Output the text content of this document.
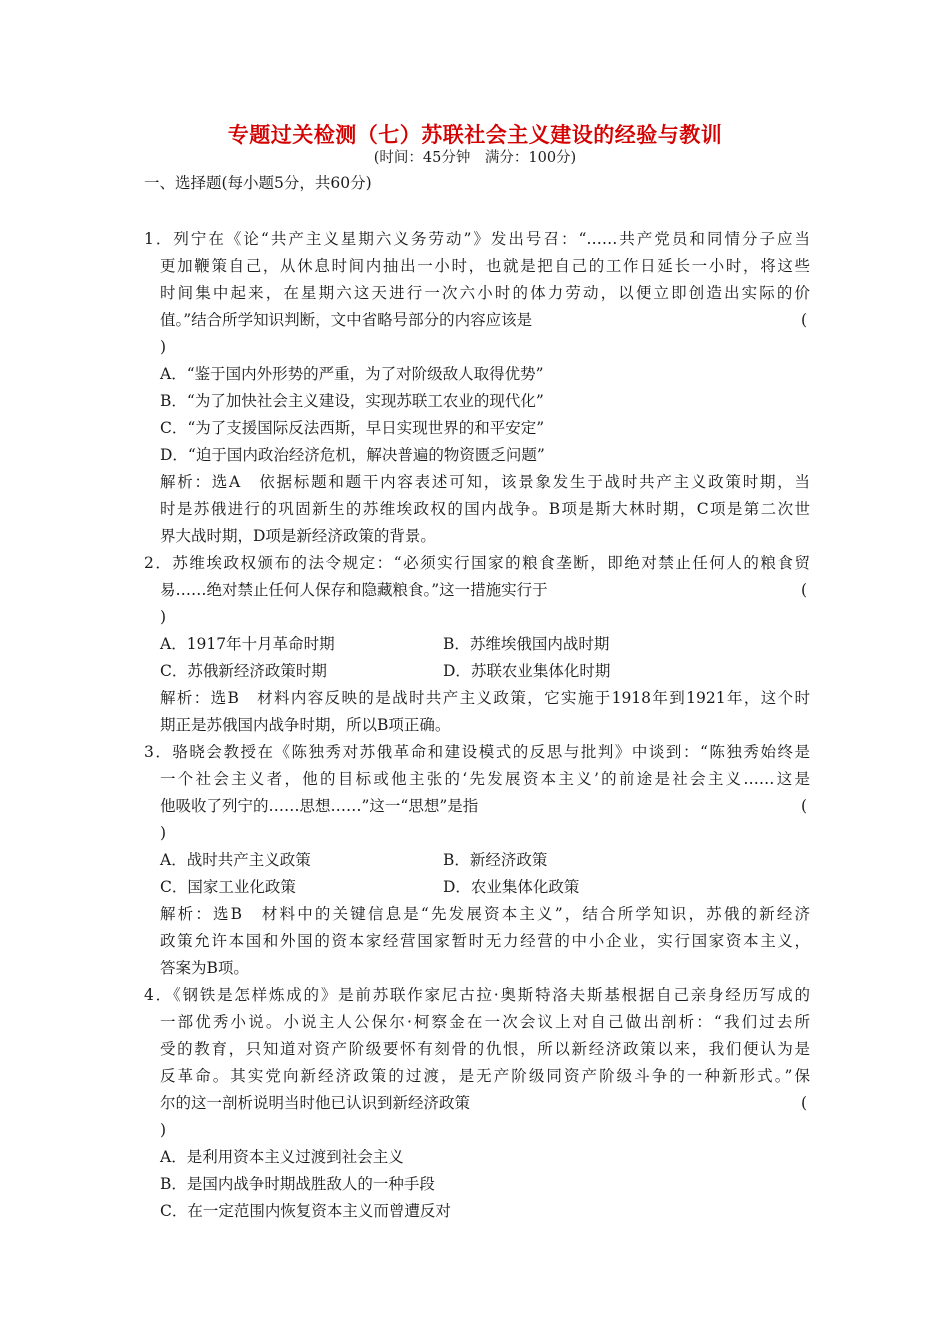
专题过关检测（七）苏联社会主义建设的经验与教训
(时间：45分钟　满分：100分)
一、选择题(每小题5分，共60分)
1．列宁在《论“共产主义星期六义务劳动”》发出号召：“……共产党员和同情分子应当
更加鞭策自己，从休息时间内抽出一小时，也就是把自己的工作日延长一小时，将这些
时间集中起来，在星期六这天进行一次六小时的体力劳动，以便立即创造出实际的价
值。”结合所学知识判断，文中省略号部分的内容应该是	(
)
A．“鉴于国内外形势的严重，为了对阶级敌人取得优势”
B．“为了加快社会主义建设，实现苏联工农业的现代化”
C．“为了支援国际反法西斯，早日实现世界的和平安定”
D．“迫于国内政治经济危机，解决普遍的物资匮乏问题”
解析：选A　依据标题和题干内容表述可知，该景象发生于战时共产主义政策时期，当
时是苏俄进行的巩固新生的苏维埃政权的国内战争。B项是斯大林时期，C项是第二次世
界大战时期，D项是新经济政策的背景。
2．苏维埃政权颁布的法令规定：“必须实行国家的粮食垄断，即绝对禁止任何人的粮食贸
易……绝对禁止任何人保存和隐藏粮食。”这一措施实行于	(
)
A．1917年十月革命时期	B．苏维埃俄国内战时期
C．苏俄新经济政策时期	D．苏联农业集体化时期
解析：选B　材料内容反映的是战时共产主义政策，它实施于1918年到1921年，这个时
期正是苏俄国内战争时期，所以B项正确。
3．骆晓会教授在《陈独秀对苏俄革命和建设模式的反思与批判》中谈到：“陈独秀始终是
一个社会主义者，他的目标或他主张的‘先发展资本主义’的前途是社会主义……这是
他吸收了列宁的……思想……”这一“思想”是指	(
)
A．战时共产主义政策	B．新经济政策
C．国家工业化政策	D．农业集体化政策
解析：选B　材料中的关键信息是“先发展资本主义”，结合所学知识，苏俄的新经济
政策允许本国和外国的资本家经营国家暂时无力经营的中小企业，实行国家资本主义，
答案为B项。
4．《钢铁是怎样炼成的》是前苏联作家尼古拉·奥斯特洛夫斯基根据自己亲身经历写成的
一部优秀小说。小说主人公保尔·柯察金在一次会议上对自己做出剖析：“我们过去所
受的教育，只知道对资产阶级要怀有刻骨的仇恨，所以新经济政策以来，我们便认为是
反革命。其实党向新经济政策的过渡，是无产阶级同资产阶级斗争的一种新形式。”保
尔的这一剖析说明当时他已认识到新经济政策	(
)
A．是利用资本主义过渡到社会主义
B．是国内战争时期战胜敌人的一种手段
C．在一定范围内恢复资本主义而曾遭反对
